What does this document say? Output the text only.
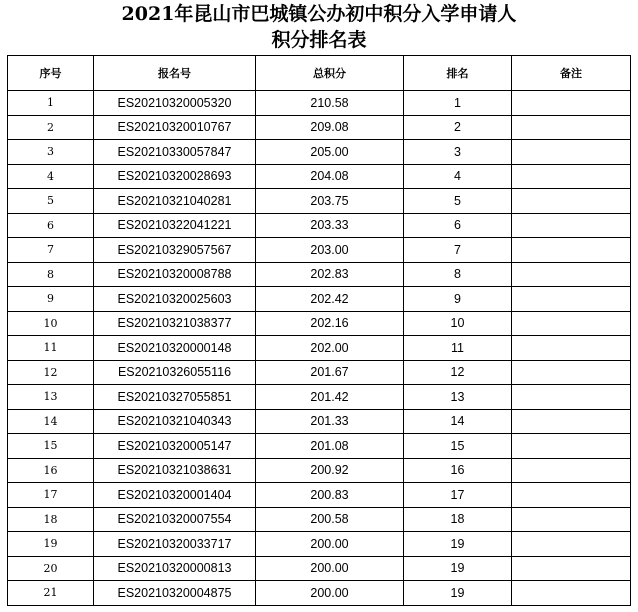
2021年昆山市巴城镇公办初中积分入学申请人
积分排名表
序号	报名号	总积分	排名	备注
1	ES20210320005320	210.58	1	
2	ES20210320010767	209.08	2	
3	ES20210330057847	205.00	3	
4	ES20210320028693	204.08	4	
5	ES20210321040281	203.75	5	
6	ES20210322041221	203.33	6	
7	ES20210329057567	203.00	7	
8	ES20210320008788	202.83	8	
9	ES20210320025603	202.42	9	
10	ES20210321038377	202.16	10	
11	ES20210320000148	202.00	11	
12	ES20210326055116	201.67	12	
13	ES20210327055851	201.42	13	
14	ES20210321040343	201.33	14	
15	ES20210320005147	201.08	15	
16	ES20210321038631	200.92	16	
17	ES20210320001404	200.83	17	
18	ES20210320007554	200.58	18	
19	ES20210320033717	200.00	19	
20	ES20210320000813	200.00	19	
21	ES20210320004875	200.00	19	
